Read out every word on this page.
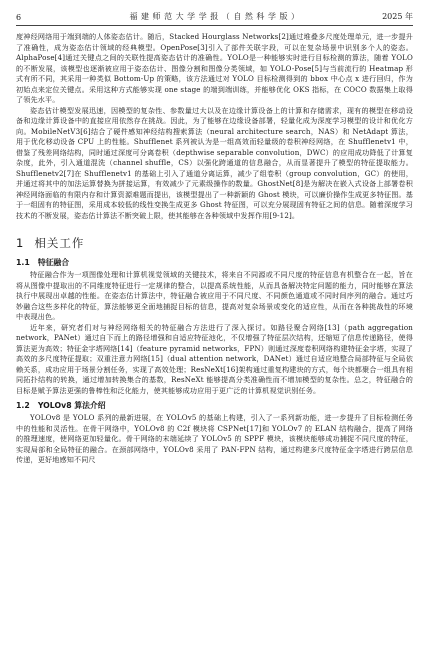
6	福 建 师 范 大 学 学 报 （ 自 然 科 学 版 ）	2025 年

度神经网络用于端到端的人体姿态估计。随后，Stacked Hourglass Networks[2]通过堆叠多尺度处理单元，进一步提升了准确性，成为姿态估计领域的经典模型。OpenPose[3]引入了部件关联字段，可以在复杂场景中识别多个人的姿态。AlphaPose[4]通过关键点之间的关联性提高姿态估计的准确性。YOLO是一种能够实时进行目标检测的算法，随着 YOLO 的不断发展，该模型也逐渐被应用于姿态估计、图像分割和图像分类领域，如 YOLO-Pose[5]与当前流行的 Heatmap 形式有所不同，其采用一种类似 Bottom-Up 的策略，该方法通过对 YOLO 目标检测得到的 bbox 中心点 x 进行回归，作为初始点来定位关键点。采用这种方式能够实现 one stage 的端到端训练，并能够优化 OKS 指标，在 COCO 数据集上取得了领先水平。

姿态估计模型发展迅速，因模型的复杂性、参数量过大以及在边缘计算设备上的计算和存储需求，现有的模型在移动设备和边缘计算设备中的直接应用依然存在挑战。因此，为了能够在边缘设备部署，轻量化成为深度学习模型的设计和优化方向。MobileNetV3[6]结合了硬件感知神经结构搜索算法（neural architecture search，NAS）和 NetAdapt 算法，用于优化移动设备 CPU 上的性能。Shufflenet 系列被认为是一组高效而轻量级的卷积神经网络，在 Shufflenetv1 中，借鉴了残差网络结构，同时通过深度可分离卷积（depthwise separable convolution，DWC）的应用成功降低了计算复杂度，此外，引入通道混洗（channel shuffle，CS）以强化跨通道的信息融合，从而显著提升了模型的特征提取能力。Shufflenetv2[7]在 Shufflenetv1 的基础上引入了通道分离运算，减少了组卷积（group convolution，GC）的使用，并通过将其中的加法运算替换为拼接运算，有效减少了元素级操作的数量。GhostNet[8]是为解决在嵌入式设备上部署卷积神经网络面临的有限内存和计算资源难题而提出，该模型提出了一种新颖的 Ghost 模块，可以廉价操作生成更多特征图。基于一组固有的特征图，采用成本较低的线性变换生成更多 Ghost 特征图，可以充分展现固有特征之间的信息。随着深度学习技术的不断发展，姿态估计算法不断突破上限，使其能够在各种领域中发挥作用[9-12]。

1 相关工作
1.1 特征融合

特征融合作为一项图像处理和计算机视觉领域的关键技术，将来自不同源或不同尺度的特征信息有机整合在一起，旨在将从图像中提取出的不同维度特征进行一定规律的整合，以提高系统性能，从而具备解决特定问题的能力，同时能够在算法执行中展现出卓越的性能。在姿态估计算法中，特征融合被应用于不同尺度、不同颜色通道或不同时间序列的融合。通过巧妙融合这些多样化的特征，算法能够更全面地捕捉目标的信息，提高对复杂场景或变化的适应性，从而在各种挑战性的环境中表现出色。

近年来，研究者们对与神经网络相关的特征融合方法进行了深入探讨。如路径聚合网络[13]（path aggregation network，PANet）通过自下而上的路径增强和自适应特征池化，不仅增强了特征层次结构，还缩短了信息传递路径，使得算法更为高效；特征金字塔网络[14]（feature pyramid networks，FPN）则通过深度卷积网络构建特征金字塔，实现了高效的多尺度特征提取；双重注意力网络[15]（dual attention network，DANet）通过自适应地整合局部特征与全局依赖关系，成功应用于场景分割任务，实现了高效处理；ResNeXt[16]架构通过重复构建块的方式，每个块都聚合一组具有相同拓扑结构的转换，通过增加转换集合的基数，ResNeXt 能够提高分类准确性而不增加模型的复杂性。总之，特征融合的目标是赋予算法更强的鲁棒性和泛化能力，使其能够成功应用于更广泛的计算机视觉识别任务。

1.2 YOLOv8 算法介绍

YOLOv8 是 YOLO 系列的最新进展，在 YOLOv5 的基础上构建，引入了一系列新功能，进一步提升了目标检测任务中的性能和灵活性。在骨干网络中，YOLOv8 的 C2f 模块将 CSPNet[17]和 YOLOv7 的 ELAN 结构融合，提高了网络的推理速度，使网络更加轻量化。骨干网络的末端延续了 YOLOv5 的 SPPF 模块，该模块能够成功捕捉不同尺度的特征，实现局部和全局特征的融合。在颈部网络中，YOLOv8 采用了 PAN-FPN 结构，通过构建多尺度特征金字塔进行跨层信息传递，更好地感知不同尺
